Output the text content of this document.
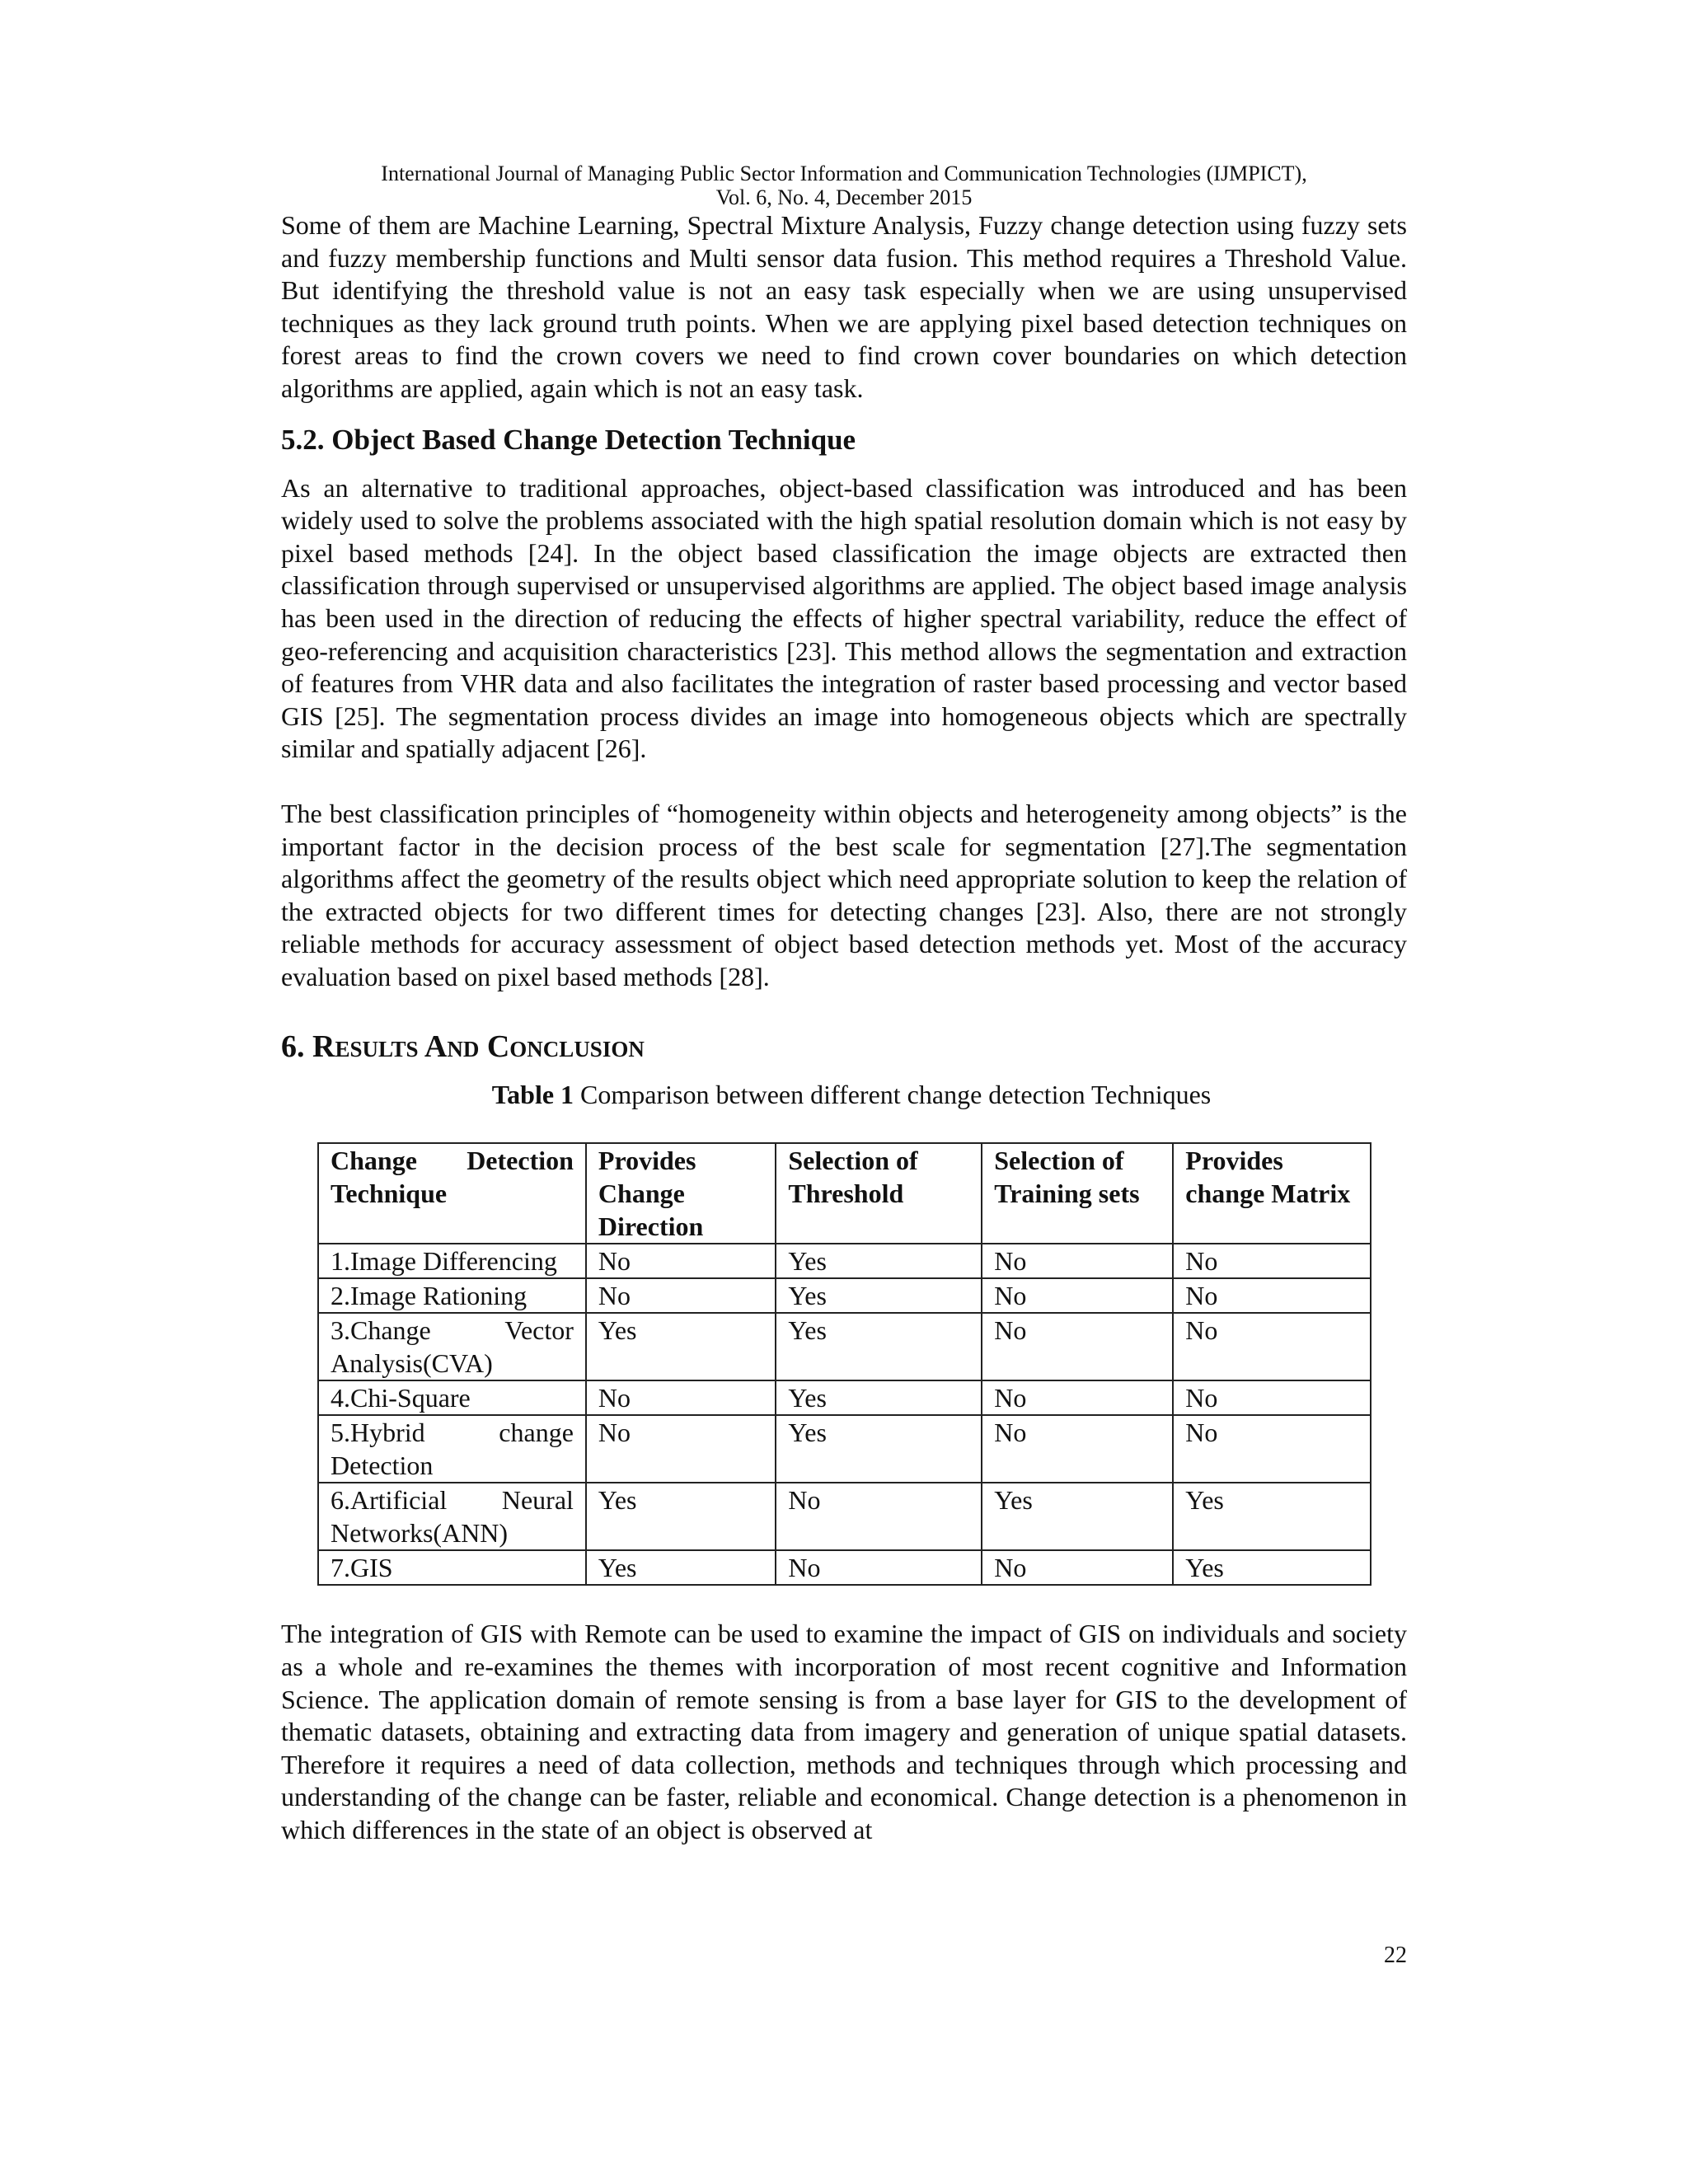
International Journal of Managing Public Sector Information and Communication Technologies (IJMPICT),
Vol. 6, No. 4, December 2015

Some of them are Machine Learning, Spectral Mixture Analysis, Fuzzy change detection using fuzzy sets and fuzzy membership functions and Multi sensor data fusion. This method requires a Threshold Value. But identifying the threshold value is not an easy task especially when we are using unsupervised techniques as they lack ground truth points. When we are applying pixel based detection techniques on forest areas to find the crown covers we need to find crown cover boundaries on which detection algorithms are applied, again which is not an easy task.

5.2. Object Based Change Detection Technique

As an alternative to traditional approaches, object-based classification was introduced and has been widely used to solve the problems associated with the high spatial resolution domain which is not easy by pixel based methods [24]. In the object based classification the image objects are extracted then classification through supervised or unsupervised algorithms are applied. The object based image analysis has been used in the direction of reducing the effects of higher spectral variability, reduce the effect of geo-referencing and acquisition characteristics [23]. This method allows the segmentation and extraction of features from VHR data and also facilitates the integration of raster based processing and vector based GIS [25]. The segmentation process divides an image into homogeneous objects which are spectrally similar and spatially adjacent [26].

The best classification principles of “homogeneity within objects and heterogeneity among objects” is the important factor in the decision process of the best scale for segmentation [27].The segmentation algorithms affect the geometry of the results object which need appropriate solution to keep the relation of the extracted objects for two different times for detecting changes [23]. Also, there are not strongly reliable methods for accuracy assessment of object based detection methods yet. Most of the accuracy evaluation based on pixel based methods [28].

6. Results And Conclusion
Table 1 Comparison between different change detection Techniques
Change Detection Technique	Provides Change Direction	Selection of Threshold	Selection of Training sets	Provides change Matrix
1.Image Differencing	No	Yes	No	No
2.Image Rationing	No	Yes	No	No
3.Change Vector Analysis(CVA)	Yes	Yes	No	No
4.Chi-Square	No	Yes	No	No
5.Hybrid change Detection	No	Yes	No	No
6.Artificial Neural Networks(ANN)	Yes	No	Yes	Yes
7.GIS	Yes	No	No	Yes

The integration of GIS with Remote can be used to examine the impact of GIS on individuals and society as a whole and re-examines the themes with incorporation of most recent cognitive and Information Science. The application domain of remote sensing is from a base layer for GIS to the development of thematic datasets, obtaining and extracting data from imagery and generation of unique spatial datasets. Therefore it requires a need of data collection, methods and techniques through which processing and understanding of the change can be faster, reliable and economical. Change detection is a phenomenon in which differences in the state of an object is observed at

22
